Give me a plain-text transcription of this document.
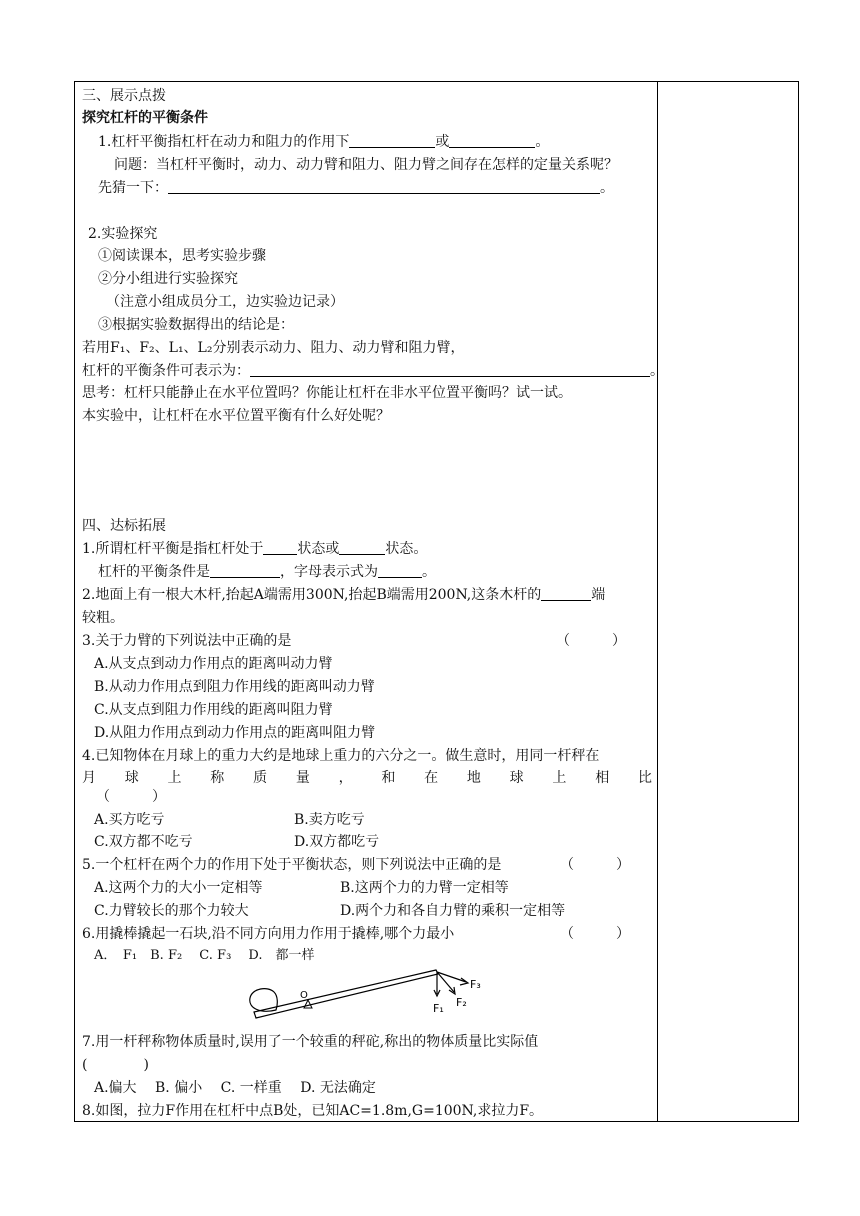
三、展示点拨
探究杠杆的平衡条件
1.杠杆平衡指杠杆在动力和阻力的作用下	或	。
问题：当杠杆平衡时，动力、动力臂和阻力、阻力臂之间存在怎样的定量关系呢？
先猜一下：	。
2.实验探究
①阅读课本，思考实验步骤
②分小组进行实验探究
（注意小组成员分工，边实验边记录）
③根据实验数据得出的结论是：
若用F₁、F₂、L₁、L₂分别表示动力、阻力、动力臂和阻力臂，
杠杆的平衡条件可表示为：	。
思考：杠杆只能静止在水平位置吗？你能让杠杆在非水平位置平衡吗？试一试。
本实验中，让杠杆在水平位置平衡有什么好处呢？
四、达标拓展
1.所谓杠杆平衡是指杠杆处于 状态或	状态。
杠杆的平衡条件是	，字母表示式为	。
2.地面上有一根大木杆,抬起A端需用300N,抬起B端需用200N,这条木杆的	端
较粗。
3.关于力臂的下列说法中正确的是	（　　　）
A.从支点到动力作用点的距离叫动力臂
B.从动力作用点到阻力作用线的距离叫动力臂
C.从支点到阻力作用线的距离叫阻力臂
D.从阻力作用点到动力作用点的距离叫阻力臂
4.已知物体在月球上的重力大约是地球上重力的六分之一。做生意时，用同一杆秤在
月 球 上 称 质 量 ， 和 在 地 球 上 相 比
（　　　）
A.买方吃亏	B.卖方吃亏
C.双方都不吃亏	D.双方都吃亏
5.一个杠杆在两个力的作用下处于平衡状态，则下列说法中正确的是	（　　　）
A.这两个力的大小一定相等	B.这两个力的力臂一定相等
C.力臂较长的那个力较大	D.两个力和各自力臂的乘积一定相等
6.用撬棒撬起一石块,沿不同方向用力作用于撬棒,哪个力最小	（　　　）
A．　F₁　B. F₂　 C. F₃　 D.　都一样
O
F₁ F₂
F₃
7.用一杆秤称物体质量时,误用了一个较重的秤砣,称出的物体质量比实际值
(　　　　)
A.偏大　 B. 偏小　 C. 一样重　 D. 无法确定
8.如图，拉力F作用在杠杆中点B处，已知AC=1.8m,G=100N,求拉力F。
